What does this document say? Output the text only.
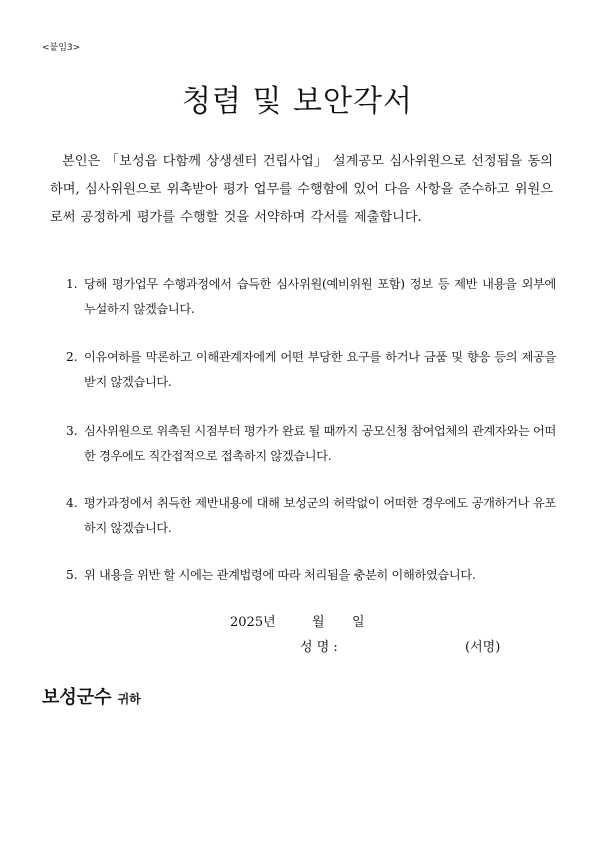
<붙임3>
청렴 및 보안각서
본인은 「보성읍 다함께 상생센터 건립사업」 설계공모 심사위원으로 선정됨을 동의하며, 심사위원으로 위촉받아 평가 업무를 수행함에 있어 다음 사항을 준수하고 위원으로써 공정하게 평가를 수행할 것을 서약하며 각서를 제출합니다.
1. 당해 평가업무 수행과정에서 습득한 심사위원(예비위원 포함) 정보 등 제반 내용을 외부에 누설하지 않겠습니다.
2. 이유여하를 막론하고 이해관계자에게 어떤 부당한 요구를 하거나 금품 및 향응 등의 제공을 받지 않겠습니다.
3. 심사위원으로 위촉된 시점부터 평가가 완료 될 때까지 공모신청 참여업체의 관계자와는 어떠한 경우에도 직간접적으로 접촉하지 않겠습니다.
4. 평가과정에서 취득한 제반내용에 대해 보성군의 허락없이 어떠한 경우에도 공개하거나 유포하지 않겠습니다.
5. 위 내용을 위반 할 시에는 관계법령에 따라 처리됨을 충분히 이해하였습니다.
2025년	월 일
성 명 :	(서명)
보성군수 귀하
